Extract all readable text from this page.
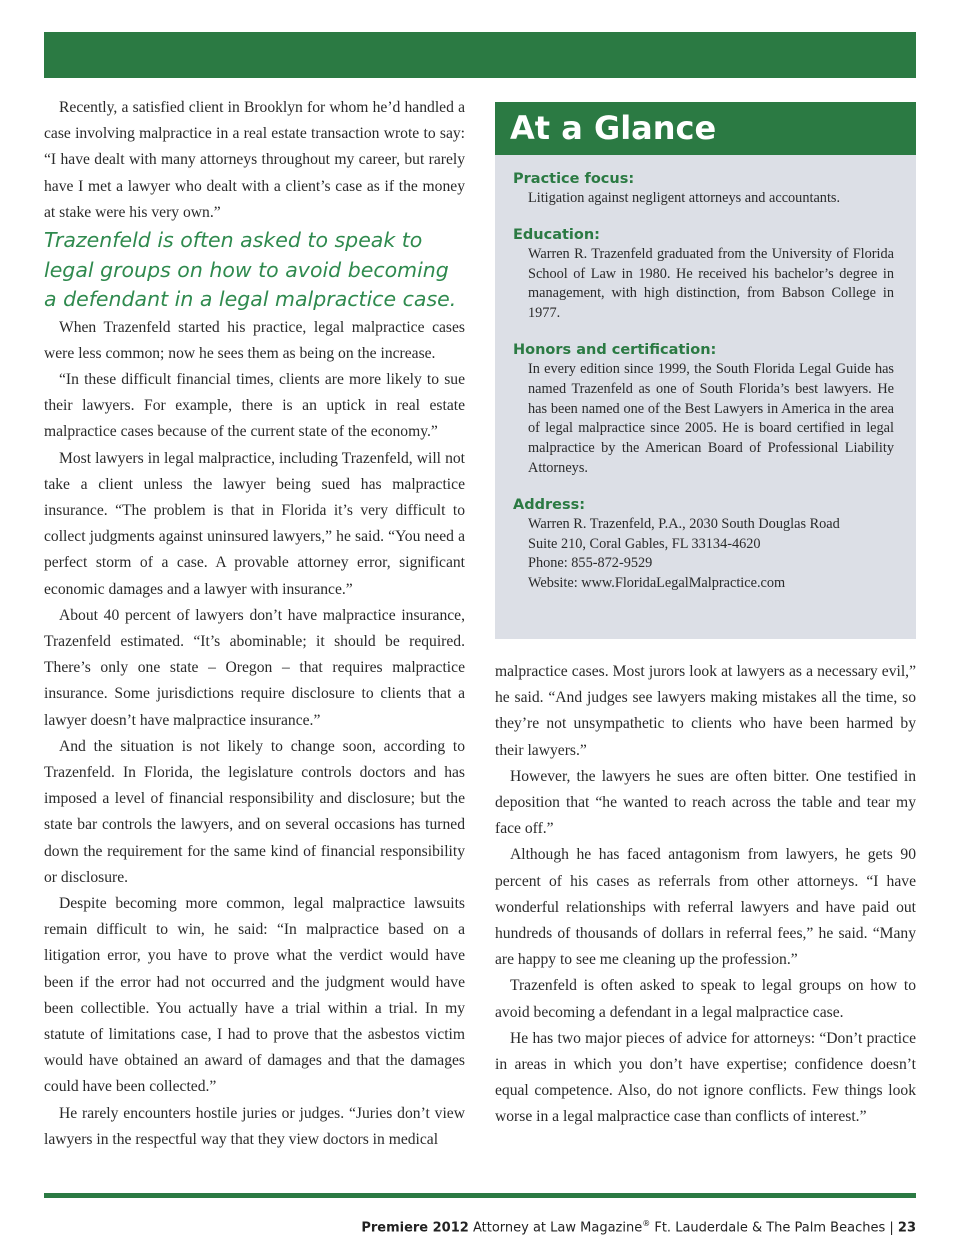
Recently, a satisfied client in Brooklyn for whom he’d handled a case involving malpractice in a real estate transaction wrote to say: “I have dealt with many attorneys throughout my career, but rarely have I met a lawyer who dealt with a client’s case as if the money at stake were his very own.”

Trazenfeld is often asked to speak to legal groups on how to avoid becoming a defendant in a legal malpractice case.

When Trazenfeld started his practice, legal malpractice cases were less common; now he sees them as being on the increase.

“In these difficult financial times, clients are more likely to sue their lawyers. For example, there is an uptick in real estate malpractice cases because of the current state of the economy.”

Most lawyers in legal malpractice, including Trazenfeld, will not take a client unless the lawyer being sued has malpractice insurance. “The problem is that in Florida it’s very difficult to collect judgments against uninsured lawyers,” he said. “You need a perfect storm of a case. A provable attorney error, significant economic damages and a lawyer with insurance.”

About 40 percent of lawyers don’t have malpractice insurance, Trazenfeld estimated. “It’s abominable; it should be required. There’s only one state – Oregon – that requires malpractice insurance. Some jurisdictions require disclosure to clients that a lawyer doesn’t have malpractice insurance.”

And the situation is not likely to change soon, according to Trazenfeld. In Florida, the legislature controls doctors and has imposed a level of financial responsibility and disclosure; but the state bar controls the lawyers, and on several occasions has turned down the requirement for the same kind of financial responsibility or disclosure.

Despite becoming more common, legal malpractice lawsuits remain difficult to win, he said: “In malpractice based on a litigation error, you have to prove what the verdict would have been if the error had not occurred and the judgment would have been collectible. You actually have a trial within a trial. In my statute of limitations case, I had to prove that the asbestos victim would have obtained an award of damages and that the damages could have been collected.”

He rarely encounters hostile juries or judges. “Juries don’t view lawyers in the respectful way that they view doctors in medical

At a Glance

Practice focus:

Litigation against negligent attorneys and accountants.

Education:

Warren R. Trazenfeld graduated from the University of Florida School of Law in 1980. He received his bachelor’s degree in management, with high distinction, from Babson College in 1977.

Honors and certification:

In every edition since 1999, the South Florida Legal Guide has named Trazenfeld as one of South Florida’s best lawyers. He has been named one of the Best Lawyers in America in the area of legal malpractice since 2005. He is board certified in legal malpractice by the American Board of Professional Liability Attorneys.

Address:

Warren R. Trazenfeld, P.A., 2030 South Douglas Road
Suite 210, Coral Gables, FL 33134-4620
Phone: 855-872-9529
Website: www.FloridaLegalMalpractice.com

malpractice cases. Most jurors look at lawyers as a necessary evil,” he said. “And judges see lawyers making mistakes all the time, so they’re not unsympathetic to clients who have been harmed by their lawyers.”

However, the lawyers he sues are often bitter. One testified in deposition that “he wanted to reach across the table and tear my face off.”

Although he has faced antagonism from lawyers, he gets 90 percent of his cases as referrals from other attorneys. “I have wonderful relationships with referral lawyers and have paid out hundreds of thousands of dollars in referral fees,” he said. “Many are happy to see me cleaning up the profession.”

Trazenfeld is often asked to speak to legal groups on how to avoid becoming a defendant in a legal malpractice case.

He has two major pieces of advice for attorneys: “Don’t practice in areas in which you don’t have expertise; confidence doesn’t equal competence. Also, do not ignore conflicts. Few things look worse in a legal malpractice case than conflicts of interest.”

Premiere 2012 Attorney at Law Magazine® Ft. Lauderdale & The Palm Beaches | 23
